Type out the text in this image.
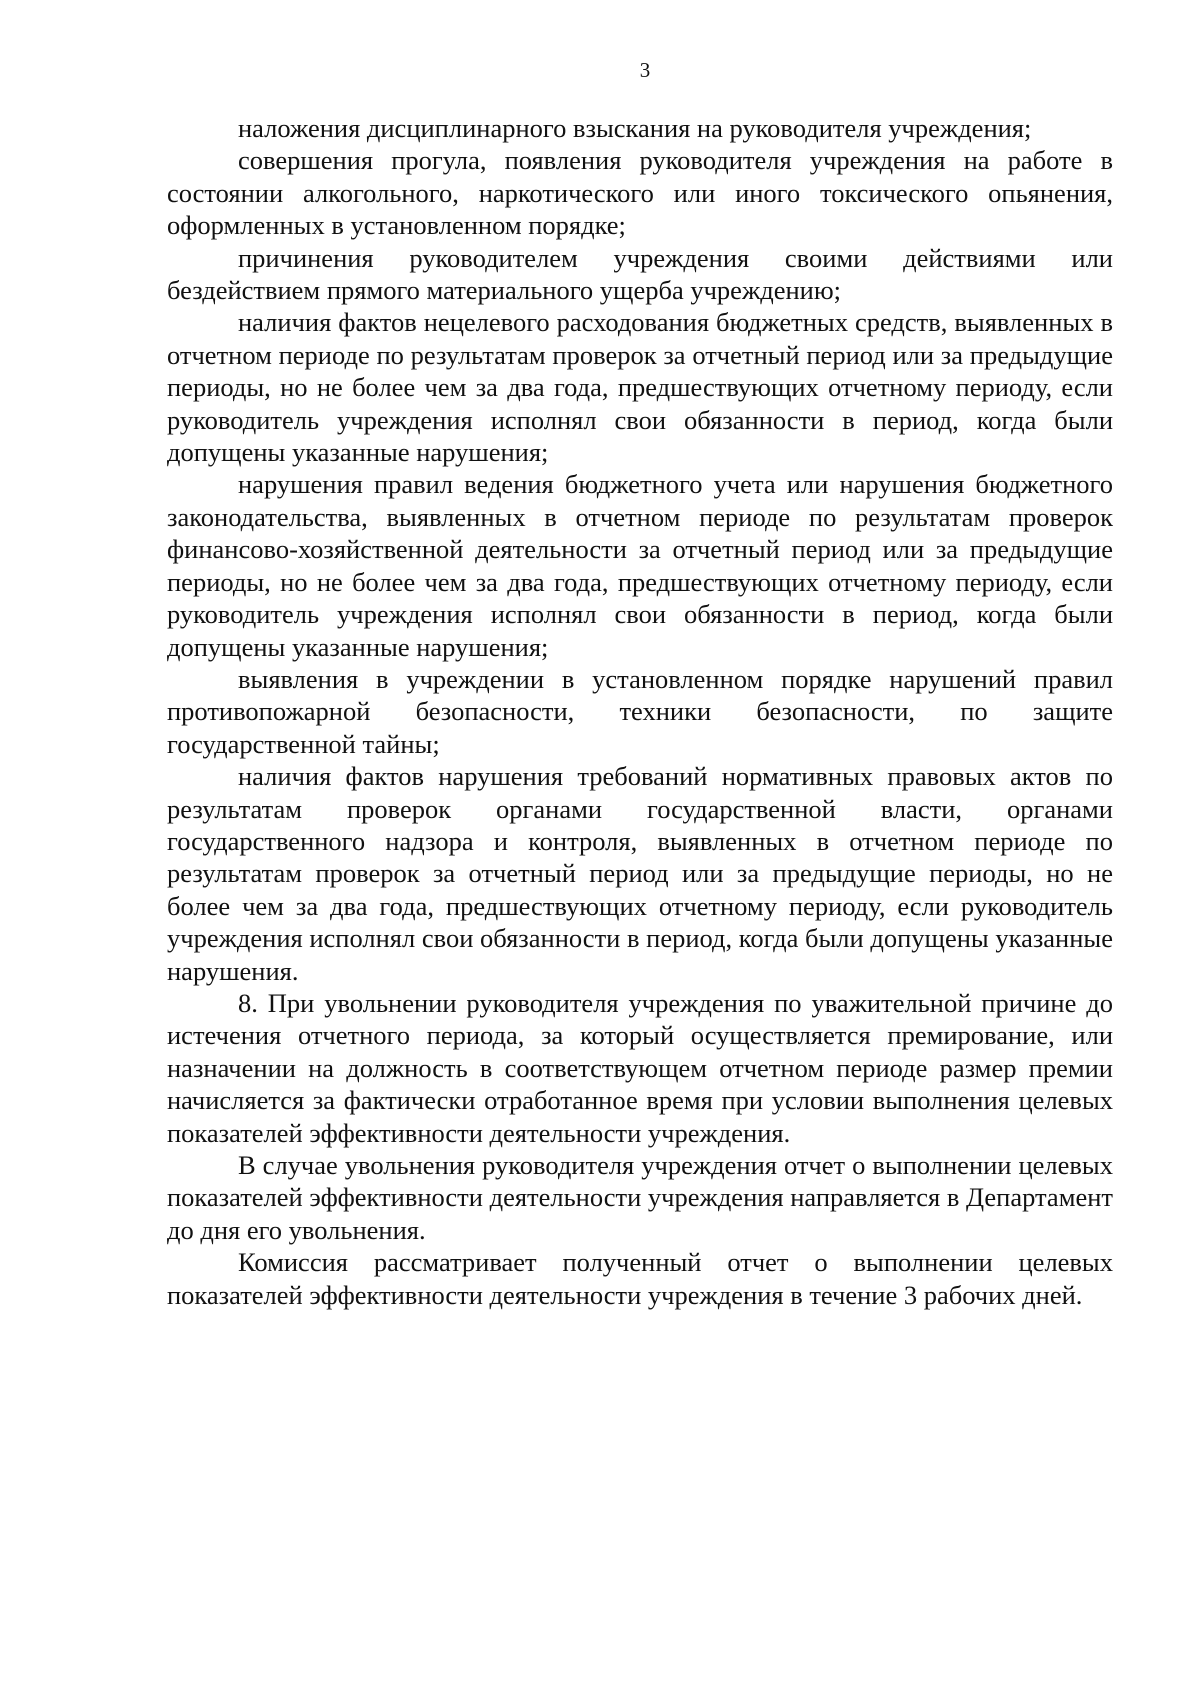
3

наложения дисциплинарного взыскания на руководителя учреждения;

совершения прогула, появления руководителя учреждения на работе в состоянии алкогольного, наркотического или иного токсического опьянения, оформленных в установленном порядке;

причинения руководителем учреждения своими действиями или бездействием прямого материального ущерба учреждению;

наличия фактов нецелевого расходования бюджетных средств, выявленных в отчетном периоде по результатам проверок за отчетный период или за предыдущие периоды, но не более чем за два года, предшествующих отчетному периоду, если руководитель учреждения исполнял свои обязанности в период, когда были допущены указанные нарушения;

нарушения правил ведения бюджетного учета или нарушения бюджетного законодательства, выявленных в отчетном периоде по результатам проверок финансово-хозяйственной деятельности за отчетный период или за предыдущие периоды, но не более чем за два года, предшествующих отчетному периоду, если руководитель учреждения исполнял свои обязанности в период, когда были допущены указанные нарушения;

выявления в учреждении в установленном порядке нарушений правил противопожарной безопасности, техники безопасности, по защите государственной тайны;

наличия фактов нарушения требований нормативных правовых актов по результатам проверок органами государственной власти, органами государственного надзора и контроля, выявленных в отчетном периоде по результатам проверок за отчетный период или за предыдущие периоды, но не более чем за два года, предшествующих отчетному периоду, если руководитель учреждения исполнял свои обязанности в период, когда были допущены указанные нарушения.

8. При увольнении руководителя учреждения по уважительной причине до истечения отчетного периода, за который осуществляется премирование, или назначении на должность в соответствующем отчетном периоде размер премии начисляется за фактически отработанное время при условии выполнения целевых показателей эффективности деятельности учреждения.

В случае увольнения руководителя учреждения отчет о выполнении целевых показателей эффективности деятельности учреждения направляется в Департамент до дня его увольнения.

Комиссия рассматривает полученный отчет о выполнении целевых показателей эффективности деятельности учреждения в течение 3 рабочих дней.
